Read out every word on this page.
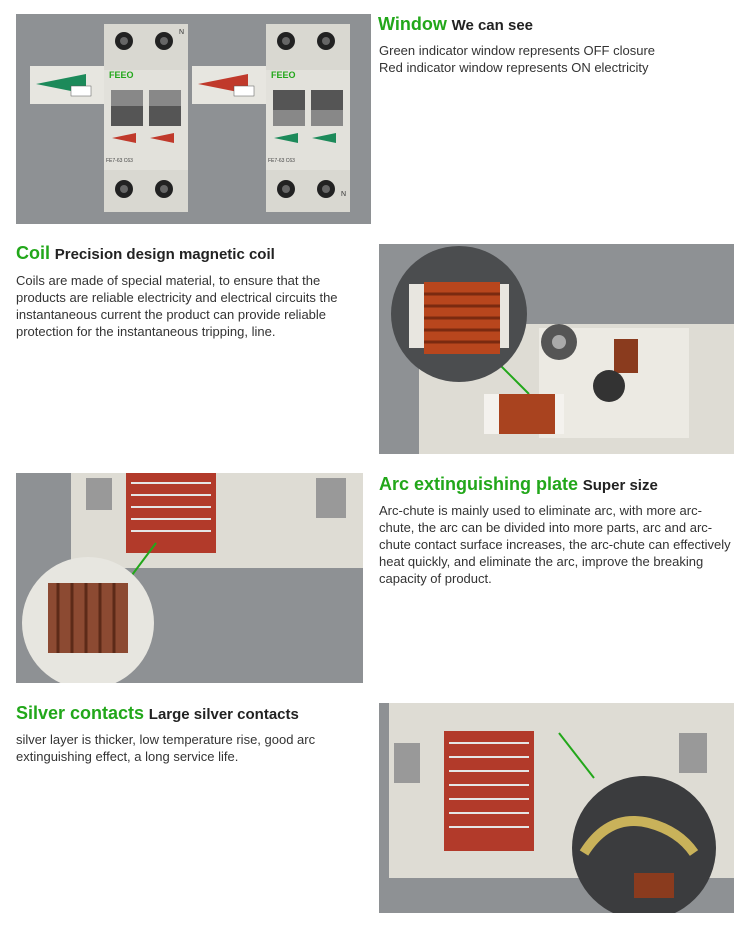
FEEO
FE7-63 C63
N
FEEO
FE7-63 C63
N
Window We can see

Green indicator window represents OFF closure

Red indicator window represents ON electricity

Coil Precision design magnetic coil

Coils are made of special material, to ensure that the products are reliable electricity and electrical circuits the instantaneous current the product can provide reliable protection for the instantaneous tripping, line.

Arc extinguishing plate Super size

Arc-chute is mainly used to eliminate arc, with more arc-chute, the arc can be divided into more parts, arc and arc-chute contact surface increases, the arc-chute can effectively heat quickly, and eliminate the arc, improve the breaking capacity of product.

Silver contacts Large silver contacts

silver layer is thicker, low temperature rise, good arc extinguishing effect, a long service life.
